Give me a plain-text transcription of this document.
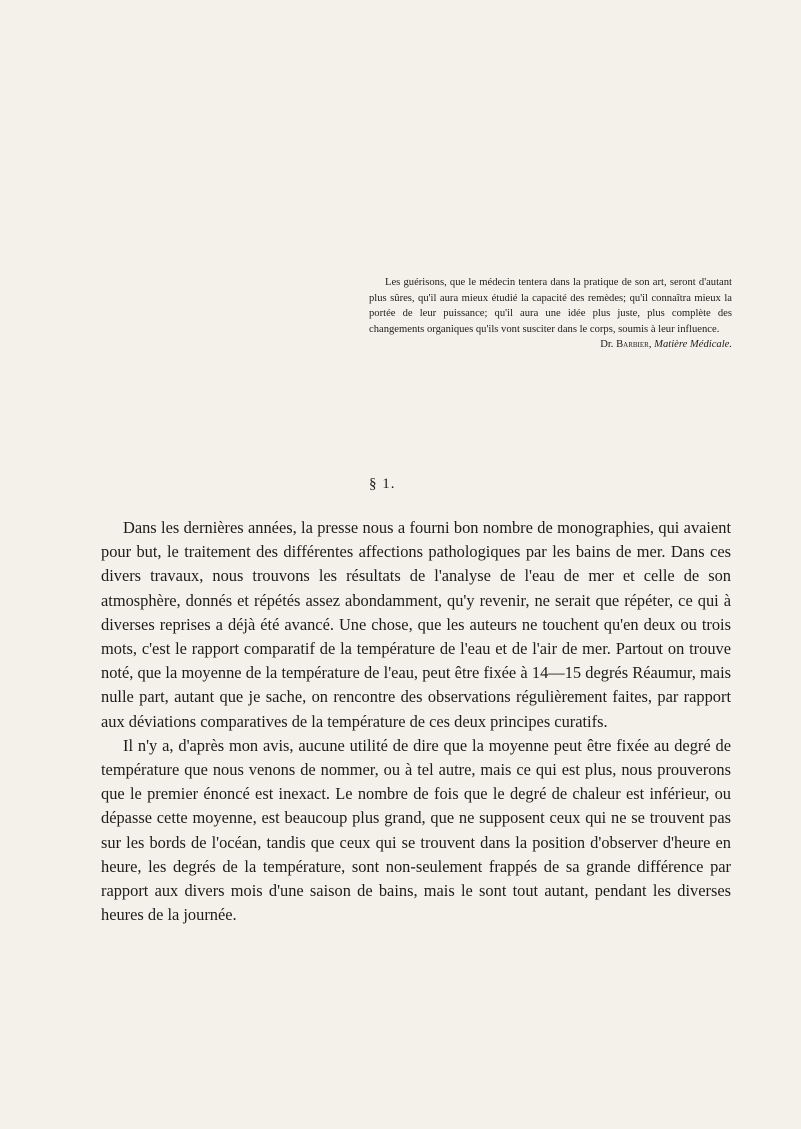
Les guérisons, que le médecin tentera dans la pratique de son art, seront d'autant plus sûres, qu'il aura mieux étudié la capacité des remèdes; qu'il connaîtra mieux la portée de leur puissance; qu'il aura une idée plus juste, plus complète des changements organiques qu'ils vont susciter dans le corps, soumis à leur influence.

Dr. Barbier, Matière Médicale.

§ 1.

Dans les dernières années, la presse nous a fourni bon nombre de monographies, qui avaient pour but, le traitement des différentes affections pathologiques par les bains de mer. Dans ces divers travaux, nous trouvons les résultats de l'analyse de l'eau de mer et celle de son atmosphère, donnés et répétés assez abondamment, qu'y revenir, ne serait que répéter, ce qui à diverses reprises a déjà été avancé. Une chose, que les auteurs ne touchent qu'en deux ou trois mots, c'est le rapport comparatif de la température de l'eau et de l'air de mer. Partout on trouve noté, que la moyenne de la température de l'eau, peut être fixée à 14—15 degrés Réaumur, mais nulle part, autant que je sache, on rencontre des observations régulièrement faites, par rapport aux déviations comparatives de la température de ces deux principes curatifs.

Il n'y a, d'après mon avis, aucune utilité de dire que la moyenne peut être fixée au degré de température que nous venons de nommer, ou à tel autre, mais ce qui est plus, nous prouverons que le premier énoncé est inexact. Le nombre de fois que le degré de chaleur est inférieur, ou dépasse cette moyenne, est beaucoup plus grand, que ne supposent ceux qui ne se trouvent pas sur les bords de l'océan, tandis que ceux qui se trouvent dans la position d'observer d'heure en heure, les degrés de la température, sont non-seulement frappés de sa grande différence par rapport aux divers mois d'une saison de bains, mais le sont tout autant, pendant les diverses heures de la journée.
